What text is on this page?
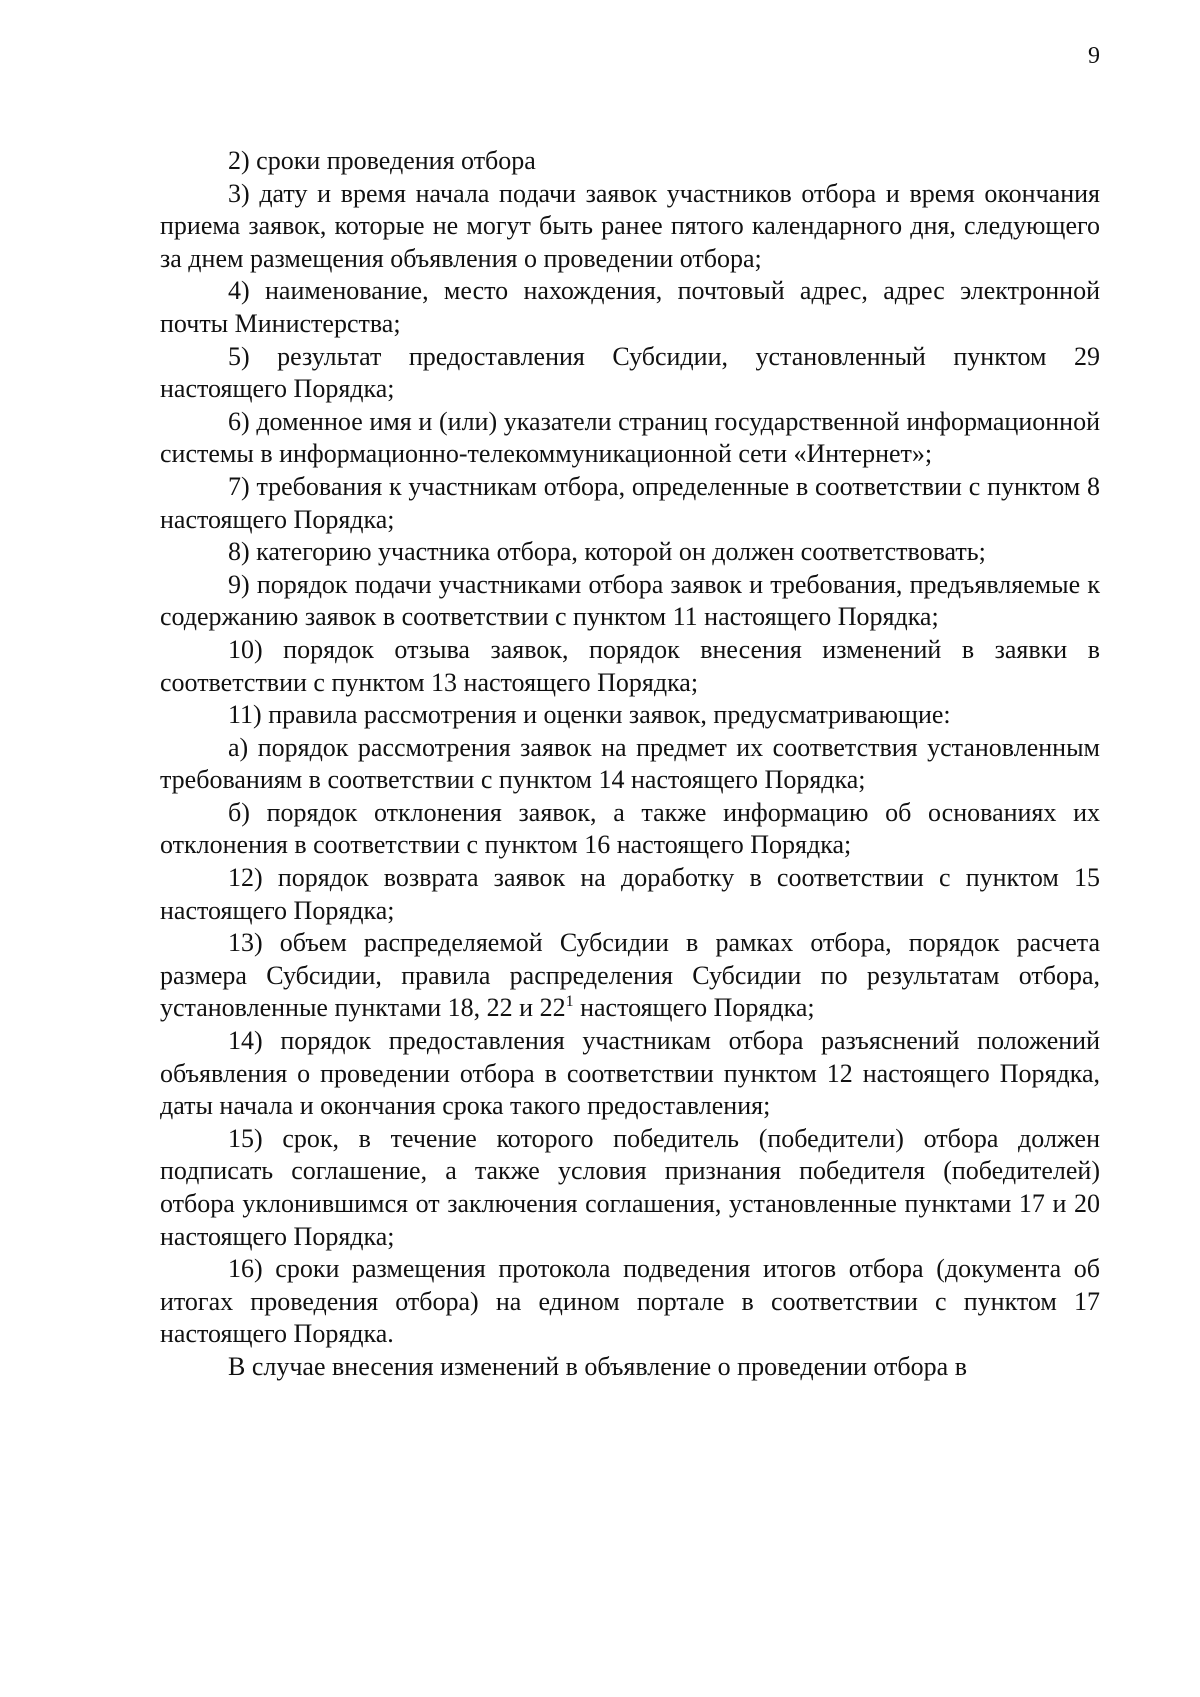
9

2) сроки проведения отбора

3) дату и время начала подачи заявок участников отбора и время окончания приема заявок, которые не могут быть ранее пятого календарного дня, следующего за днем размещения объявления о проведении отбора;

4) наименование, место нахождения, почтовый адрес, адрес электронной почты Министерства;

5) результат предоставления Субсидии, установленный пунктом 29 настоящего Порядка;

6) доменное имя и (или) указатели страниц государственной информационной системы в информационно-телекоммуникационной сети «Интернет»;

7) требования к участникам отбора, определенные в соответствии с пунктом 8 настоящего Порядка;

8) категорию участника отбора, которой он должен соответствовать;

9) порядок подачи участниками отбора заявок и требования, предъявляемые к содержанию заявок в соответствии с пунктом 11 настоящего Порядка;

10) порядок отзыва заявок, порядок внесения изменений в заявки в соответствии с пунктом 13 настоящего Порядка;

11) правила рассмотрения и оценки заявок, предусматривающие:

а) порядок рассмотрения заявок на предмет их соответствия установленным требованиям в соответствии с пунктом 14 настоящего Порядка;

б) порядок отклонения заявок, а также информацию об основаниях их отклонения в соответствии с пунктом 16 настоящего Порядка;

12) порядок возврата заявок на доработку в соответствии с пунктом 15 настоящего Порядка;

13) объем распределяемой Субсидии в рамках отбора, порядок расчета размера Субсидии, правила распределения Субсидии по результатам отбора, установленные пунктами 18, 22 и $22^1$ настоящего Порядка;

14) порядок предоставления участникам отбора разъяснений положений объявления о проведении отбора в соответствии пунктом 12 настоящего Порядка, даты начала и окончания срока такого предоставления;

15) срок, в течение которого победитель (победители) отбора должен подписать соглашение, а также условия признания победителя (победителей) отбора уклонившимся от заключения соглашения, установленные пунктами 17 и 20 настоящего Порядка;

16) сроки размещения протокола подведения итогов отбора (документа об итогах проведения отбора) на едином портале в соответствии с пунктом 17 настоящего Порядка.

В случае внесения изменений в объявление о проведении отбора в
